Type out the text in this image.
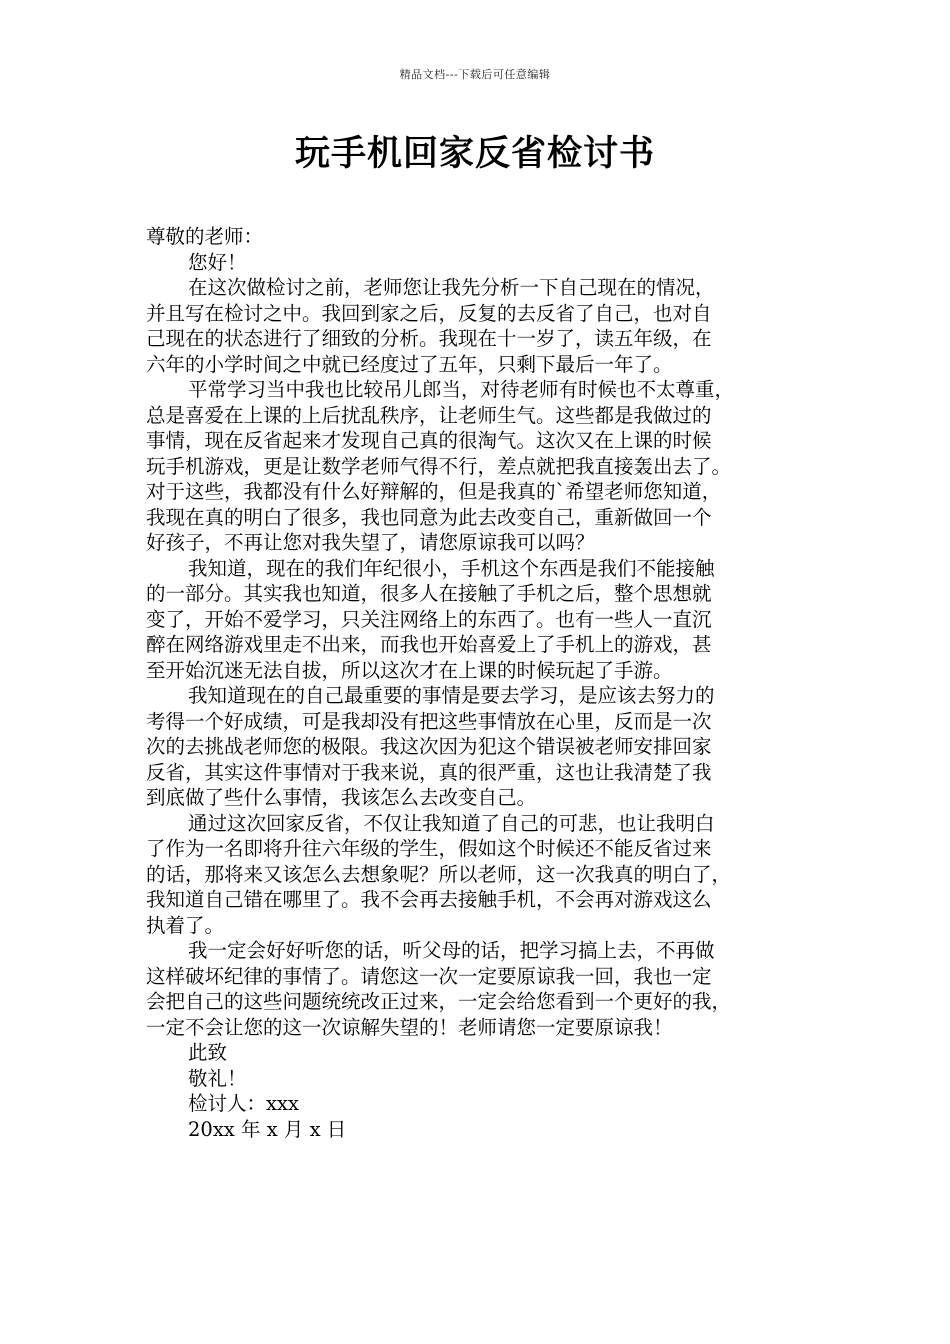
精品文档---下载后可任意编辑
玩手机回家反省检讨书
尊敬的老师：
您好！
在这次做检讨之前，老师您让我先分析一下自己现在的情况，
并且写在检讨之中。我回到家之后，反复的去反省了自己，也对自
己现在的状态进行了细致的分析。我现在十一岁了，读五年级，在
六年的小学时间之中就已经度过了五年，只剩下最后一年了。
平常学习当中我也比较吊儿郎当，对待老师有时候也不太尊重，
总是喜爱在上课的上后扰乱秩序，让老师生气。这些都是我做过的
事情，现在反省起来才发现自己真的很淘气。这次又在上课的时候
玩手机游戏，更是让数学老师气得不行，差点就把我直接轰出去了。
对于这些，我都没有什么好辩解的，但是我真的`希望老师您知道，
我现在真的明白了很多，我也同意为此去改变自己，重新做回一个
好孩子，不再让您对我失望了，请您原谅我可以吗？
我知道，现在的我们年纪很小，手机这个东西是我们不能接触
的一部分。其实我也知道，很多人在接触了手机之后，整个思想就
变了，开始不爱学习，只关注网络上的东西了。也有一些人一直沉
醉在网络游戏里走不出来，而我也开始喜爱上了手机上的游戏，甚
至开始沉迷无法自拔，所以这次才在上课的时候玩起了手游。
我知道现在的自己最重要的事情是要去学习，是应该去努力的
考得一个好成绩，可是我却没有把这些事情放在心里，反而是一次
次的去挑战老师您的极限。我这次因为犯这个错误被老师安排回家
反省，其实这件事情对于我来说，真的很严重，这也让我清楚了我
到底做了些什么事情，我该怎么去改变自己。
通过这次回家反省，不仅让我知道了自己的可悲，也让我明白
了作为一名即将升往六年级的学生，假如这个时候还不能反省过来
的话，那将来又该怎么去想象呢？所以老师，这一次我真的明白了，
我知道自己错在哪里了。我不会再去接触手机，不会再对游戏这么
执着了。
我一定会好好听您的话，听父母的话，把学习搞上去，不再做
这样破坏纪律的事情了。请您这一次一定要原谅我一回，我也一定
会把自己的这些问题统统改正过来，一定会给您看到一个更好的我，
一定不会让您的这一次谅解失望的！老师请您一定要原谅我！
此致
敬礼！
检讨人：xxx
20xx 年 x 月 x 日
